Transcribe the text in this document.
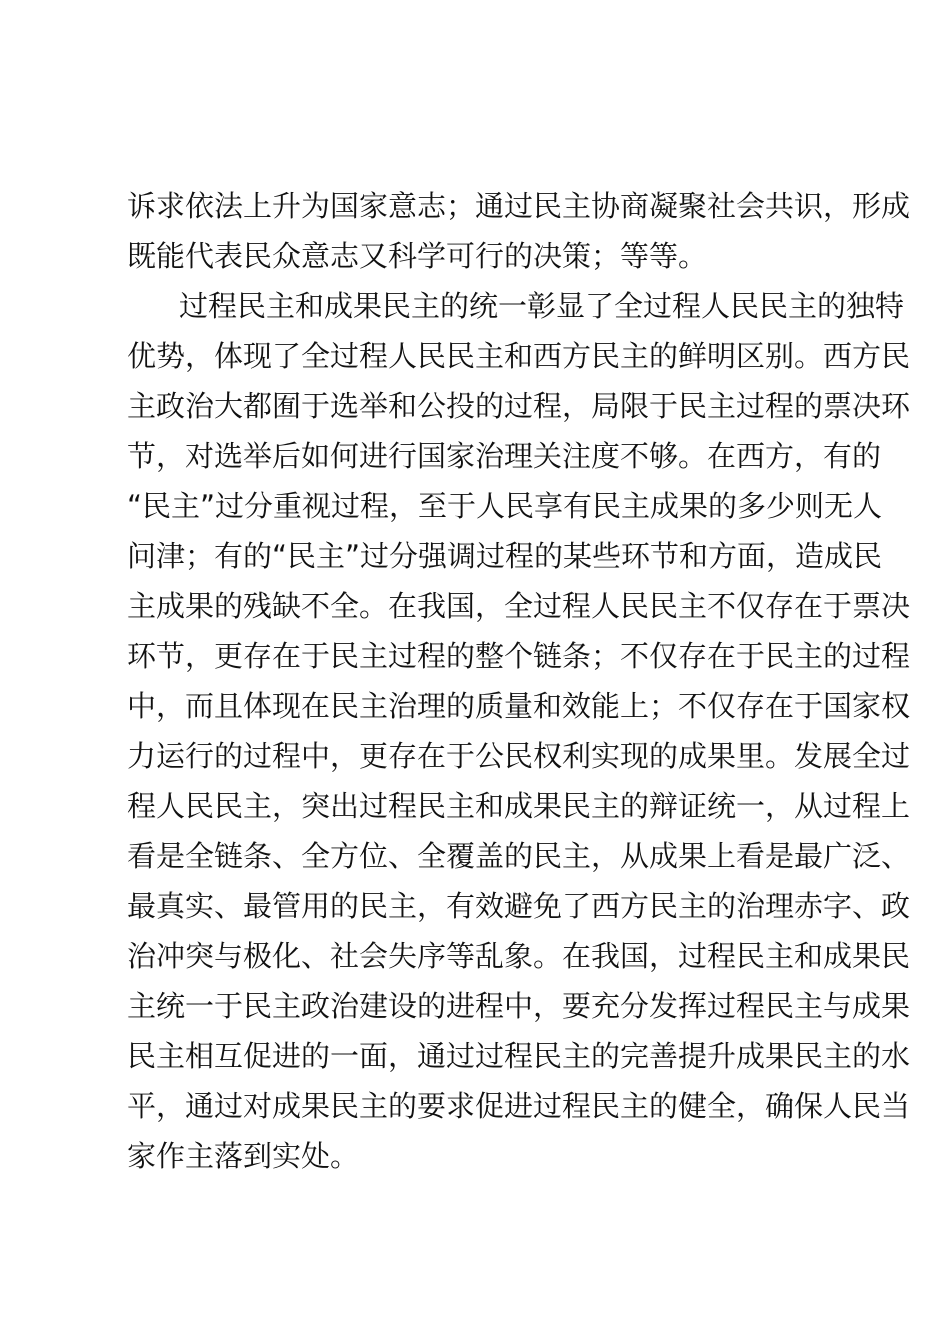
诉求依法上升为国家意志；通过民主协商凝聚社会共识，形成
既能代表民众意志又科学可行的决策；等等。
过程民主和成果民主的统一彰显了全过程人民民主的独特
优势，体现了全过程人民民主和西方民主的鲜明区别。西方民
主政治大都囿于选举和公投的过程，局限于民主过程的票决环
节，对选举后如何进行国家治理关注度不够。在西方，有的
“民主”过分重视过程，至于人民享有民主成果的多少则无人
问津；有的“民主”过分强调过程的某些环节和方面，造成民
主成果的残缺不全。在我国，全过程人民民主不仅存在于票决
环节，更存在于民主过程的整个链条；不仅存在于民主的过程
中，而且体现在民主治理的质量和效能上；不仅存在于国家权
力运行的过程中，更存在于公民权利实现的成果里。发展全过
程人民民主，突出过程民主和成果民主的辩证统一，从过程上
看是全链条、全方位、全覆盖的民主，从成果上看是最广泛、
最真实、最管用的民主，有效避免了西方民主的治理赤字、政
治冲突与极化、社会失序等乱象。在我国，过程民主和成果民
主统一于民主政治建设的进程中，要充分发挥过程民主与成果
民主相互促进的一面，通过过程民主的完善提升成果民主的水
平，通过对成果民主的要求促进过程民主的健全，确保人民当
家作主落到实处。
